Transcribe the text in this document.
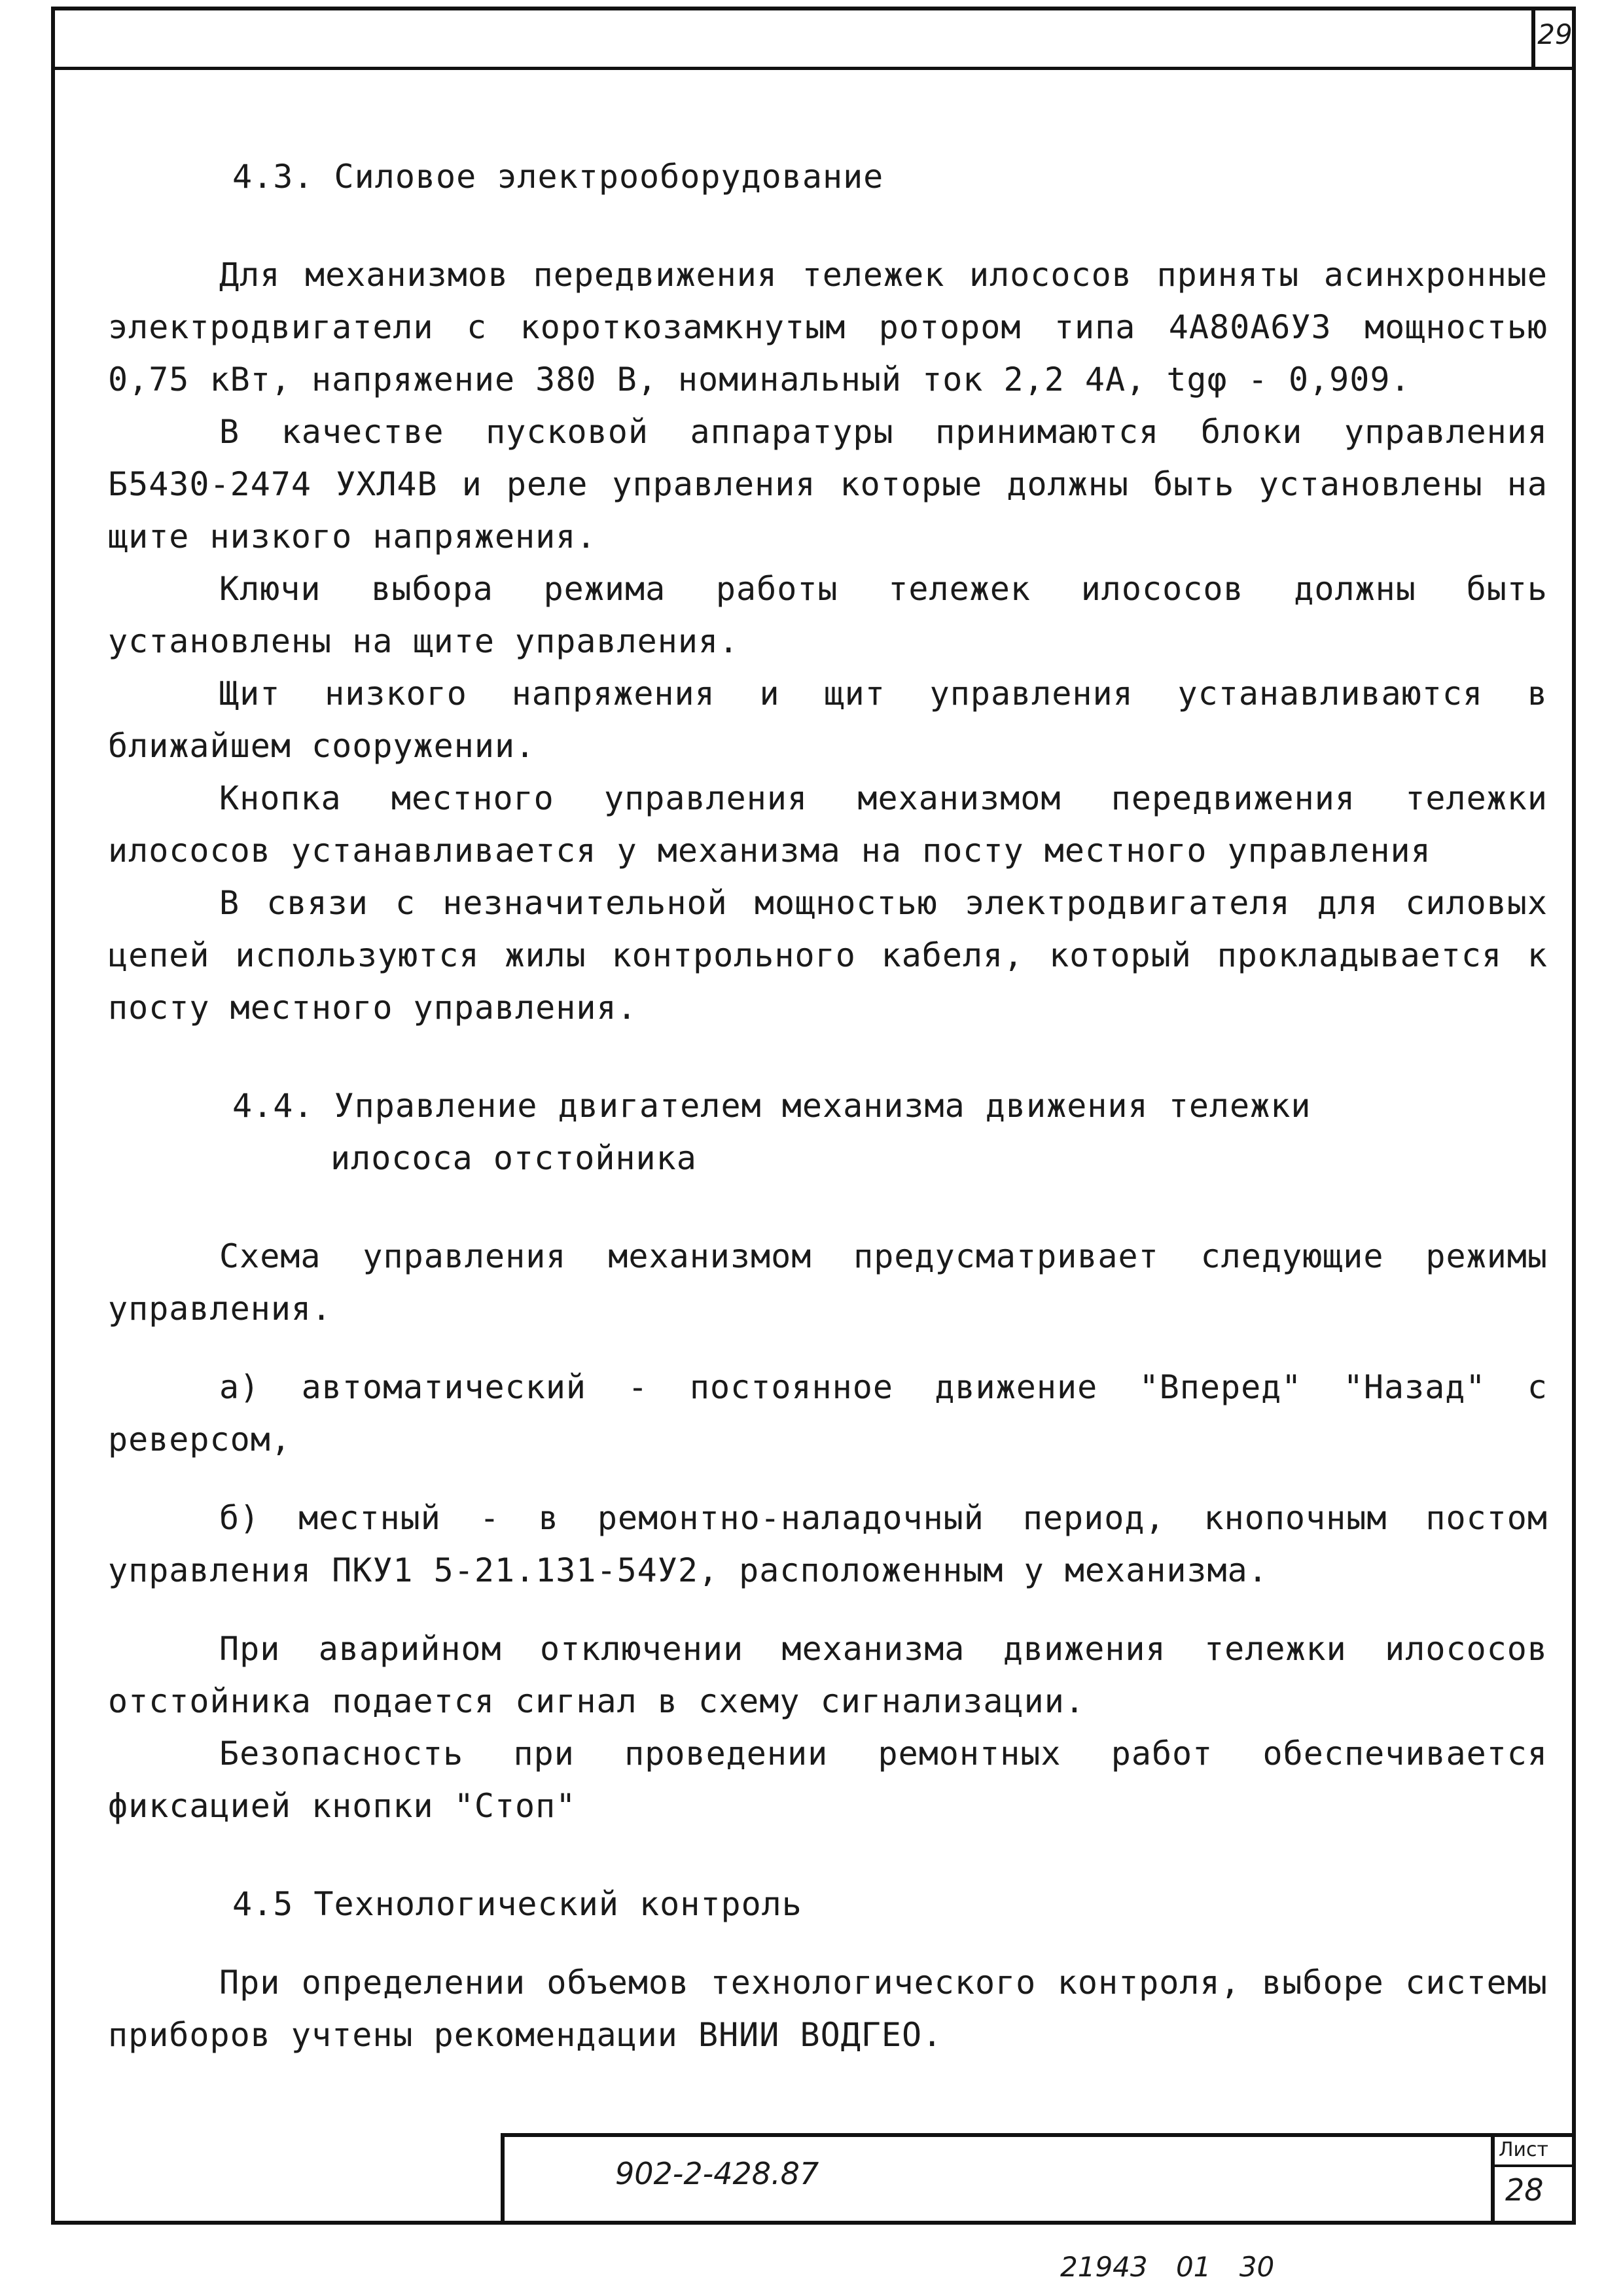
29
4.3. Силовое электрооборудование

Для механизмов передвижения тележек илососов приняты асинхронные электродвигатели с короткозамкнутым ротором типа 4А80А6УЗ мощностью 0,75 кВт, напряжение 380 В, номинальный ток 2,2 4А, tgφ - 0,909.

В качестве пусковой аппаратуры принимаются блоки управления Б5430-2474 УХЛ4В и реле управления которые должны быть установлены на щите низкого напряжения.

Ключи выбора режима работы тележек илососов должны быть установлены на щите управления.

Щит низкого напряжения и щит управления устанавливаются в ближайшем сооружении.

Кнопка местного управления механизмом передвижения тележки илососов устанавливается у механизма на посту местного управления

В связи с незначительной мощностью электродвигателя для силовых цепей используются жилы контрольного кабеля, который прокладывается к посту местного управления.

4.4. Управление двигателем механизма движения тележки
илососа отстойника

Схема управления механизмом предусматривает следующие режимы управления.

а) автоматический - постоянное движение "Вперед" "Назад" с реверсом,

б) местный - в ремонтно-наладочный период, кнопочным постом управления ПКУ1 5-21.131-54У2, расположенным у механизма.

При аварийном отключении механизма движения тележки илососов отстойника подается сигнал в схему сигнализации.

Безопасность при проведении ремонтных работ обеспечивается фиксацией кнопки "Стоп"

4.5 Технологический контроль

При определении объемов технологического контроля, выборе системы приборов учтены рекомендации ВНИИ ВОДГЕО.

902-2-428.87
Лист
28
21943 01 30
